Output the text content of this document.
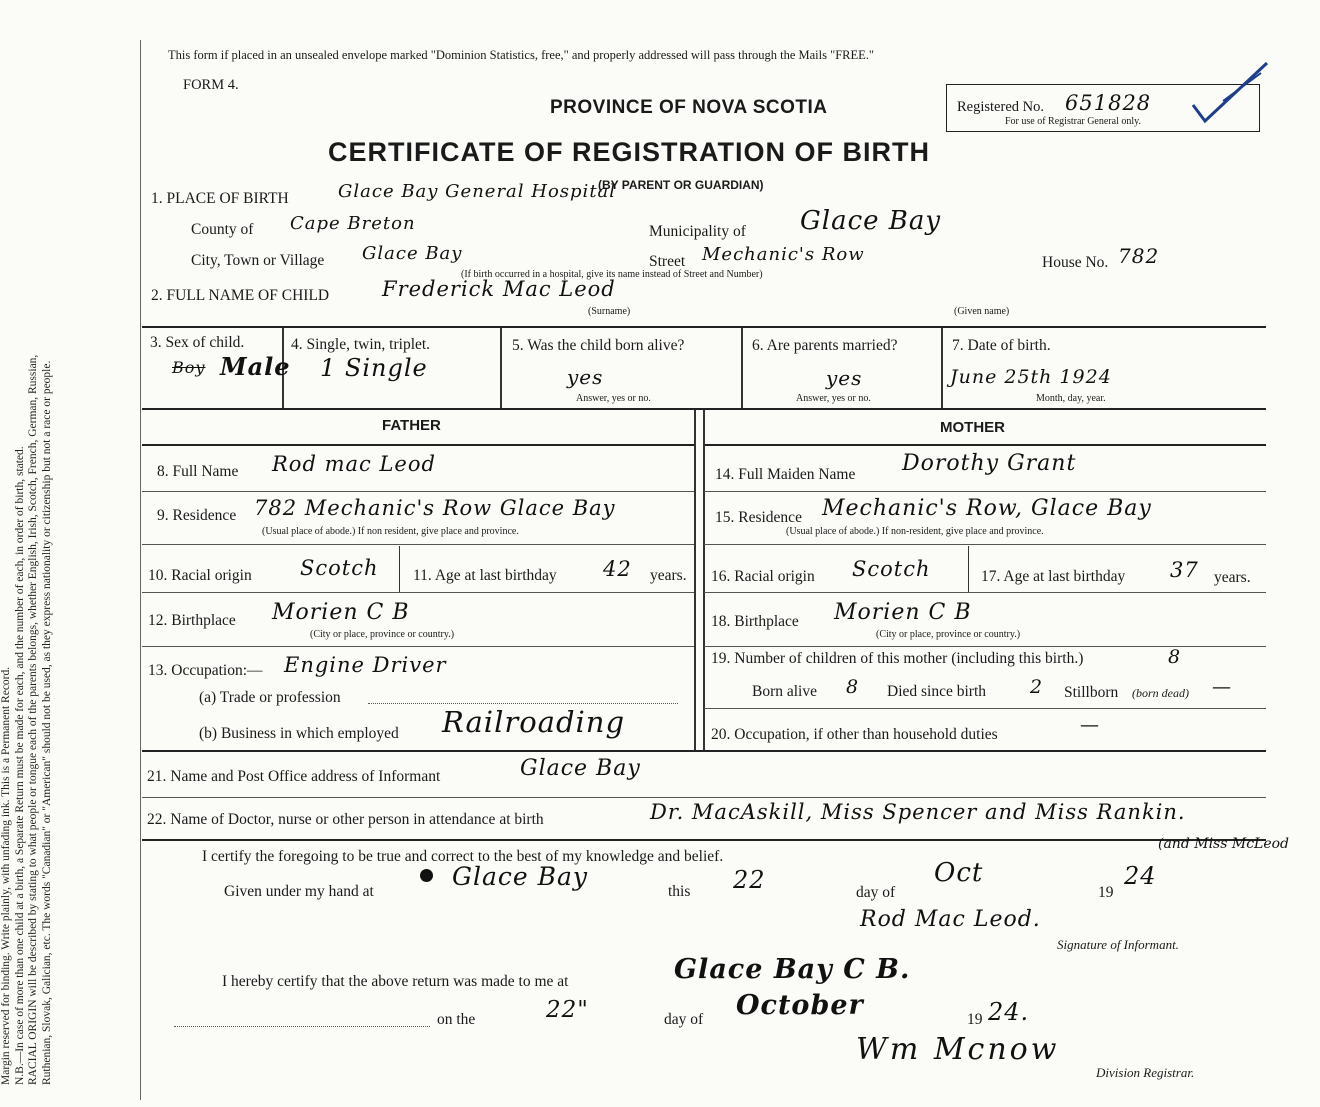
Margin reserved for binding. Write plainly, with unfading ink. This is a Permanent Record. N.B.—In case of more than one child at a birth, a Separate Return must be made for each, and the number of each, in order of birth, stated. RACIAL ORIGIN will be described by stating to what people or tongue each of the parents belongs, whether English, Irish, Scotch, French, German, Russian, Ruthenian, Slovak, Galician, etc. The words "Canadian" or "American" should not be used, as they express nationality or citizenship but not a race or people.
This form if placed in an unsealed envelope marked "Dominion Statistics, free," and properly addressed will pass through the Mails "FREE."
FORM 4.
PROVINCE OF NOVA SCOTIA
CERTIFICATE OF REGISTRATION OF BIRTH
(BY PARENT OR GUARDIAN)
Registered No. 651828
For use of Registrar General only.
1. PLACE OF BIRTH	Glace Bay General Hospital
County of Cape Breton	Municipality of Glace Bay
City, Town or Village Glace Bay	Street Mechanic's Row	House No. 782
(If birth occurred in a hospital, give its name instead of Street and Number)
2. FULL NAME OF CHILD	Frederick Mac Leod
(Surname)	(Given name)
3. Sex of child.
Boy Male
4. Single, twin, triplet.
1 Single
5. Was the child born alive?
yes
Answer, yes or no.
6. Are parents married?
yes
Answer, yes or no.
7. Date of birth.
June 25th 1924
Month, day, year.
FATHER	MOTHER
8. Full Name Rod mac Leod
9. Residence 782 Mechanic's Row Glace Bay
(Usual place of abode.) If non resident, give place and province.
10. Racial origin Scotch 11. Age at last birthday 42 years.
12. Birthplace Morien C B
(City or place, province or country.)
13. Occupation:— Engine Driver
(a) Trade or profession
(b) Business in which employed Railroading
14. Full Maiden Name Dorothy Grant
15. Residence Mechanic's Row, Glace Bay
(Usual place of abode.) If non-resident, give place and province.
16. Racial origin Scotch	17. Age at last birthday 37 years.
18. Birthplace Morien C B
(City or place, province or country.)
19. Number of children of this mother (including this birth.)	8
Born alive 8 Died since birth 2 Stillborn (born dead) —
20. Occupation, if other than household duties	—
21. Name and Post Office address of Informant	Glace Bay
22. Name of Doctor, nurse or other person in attendance at birth	Dr. MacAskill, Miss Spencer and Miss Rankin.
(and Miss McLeod
I certify the foregoing to be true and correct to the best of my knowledge and belief.
Given under my hand at
Glace Bay
this 22	day of
Oct
19
24
Rod Mac Leod.
Signature of Informant.
I hereby certify that the above return was made to me at	Glace Bay C B.
on the	22"	day of October	19 24.
Wm Mcnow
Division Registrar.
